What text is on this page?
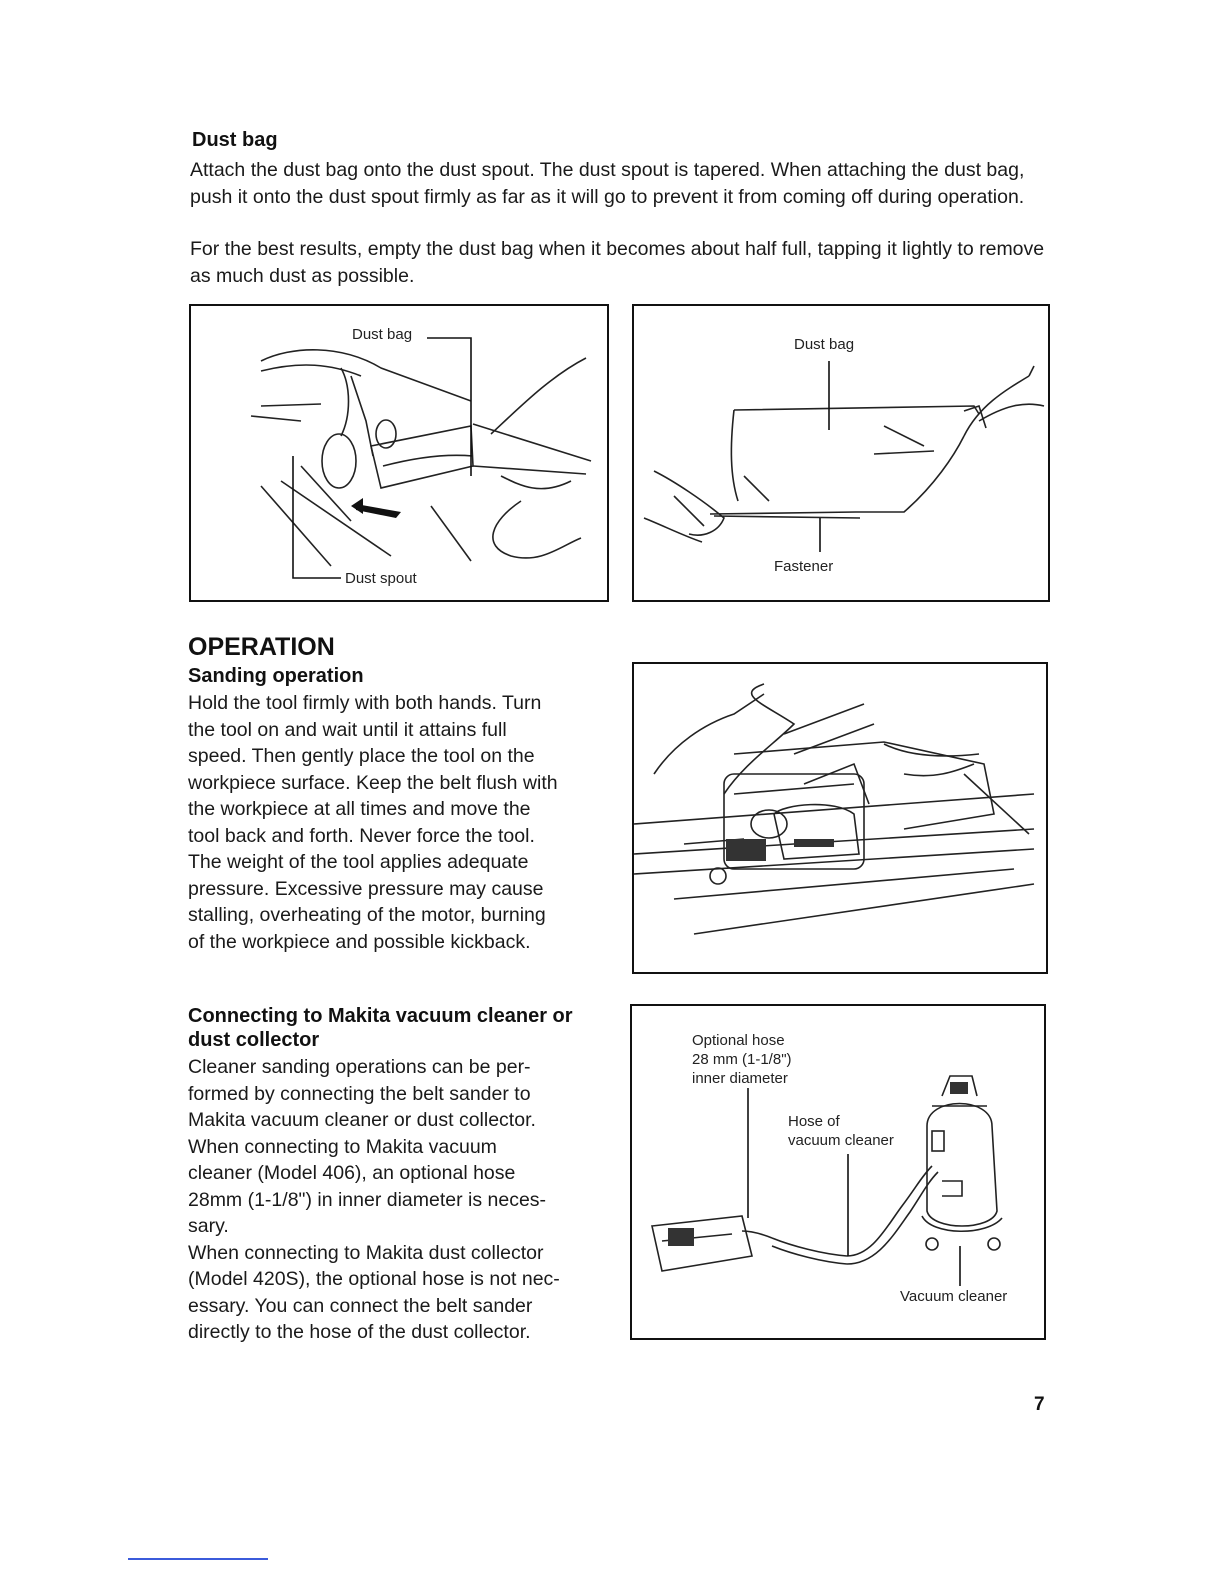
Dust bag

Attach the dust bag onto the dust spout. The dust spout is tapered. When attaching the dust bag, push it onto the dust spout firmly as far as it will go to prevent it from coming off during operation.

For the best results, empty the dust bag when it becomes about half full, tapping it lightly to remove as much dust as possible.

Dust bag
Dust spout
Dust bag
Fastener
OPERATION
Sanding operation
Hold the tool firmly with both hands. Turn
the tool on and wait until it attains full
speed. Then gently place the tool on the
workpiece surface. Keep the belt flush with
the workpiece at all times and move the
tool back and forth. Never force the tool.
The weight of the tool applies adequate
pressure. Excessive pressure may cause
stalling, overheating of the motor, burning
of the workpiece and possible kickback.
Connecting to Makita vacuum cleaner or
dust collector
Cleaner sanding operations can be per-
formed by connecting the belt sander to
Makita vacuum cleaner or dust collector.
When connecting to Makita vacuum
cleaner (Model 406), an optional hose
28mm (1-1/8") in inner diameter is neces-
sary.
When connecting to Makita dust collector
(Model 420S), the optional hose is not nec-
essary. You can connect the belt sander
directly to the hose of the dust collector.
Optional hose
28 mm (1-1/8")
inner diameter
Hose of
vacuum cleaner
Vacuum cleaner
7
